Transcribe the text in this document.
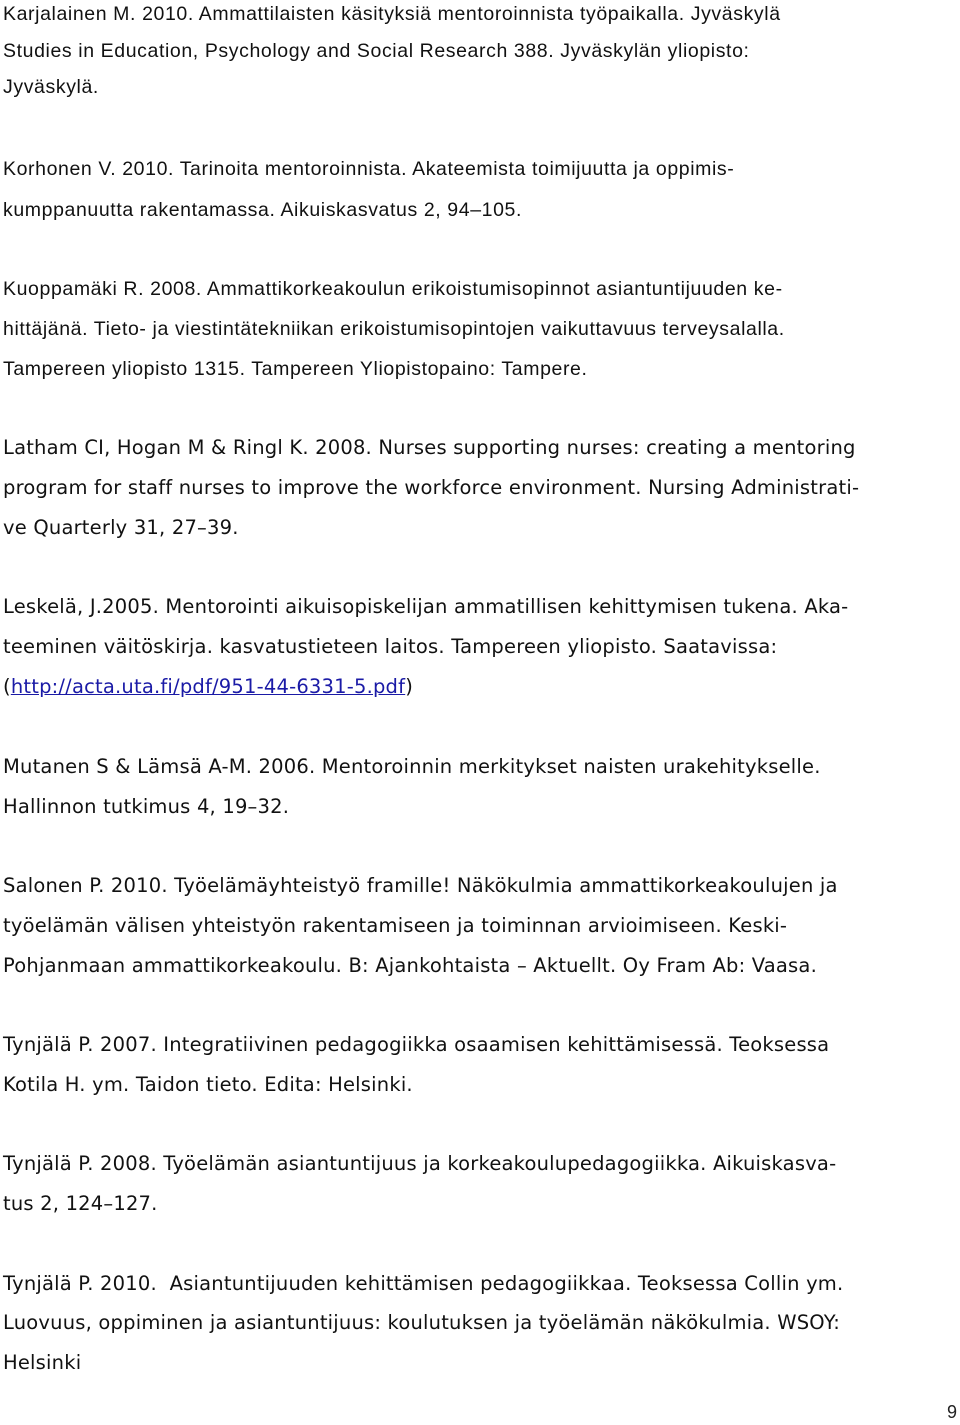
Karjalainen M. 2010. Ammattilaisten käsityksiä mentoroinnista työpaikalla. Jyväskylä
Studies in Education, Psychology and Social Research 388. Jyväskylän yliopisto:
Jyväskylä.
Korhonen V. 2010. Tarinoita mentoroinnista. Akateemista toimijuutta ja oppimis-
kumppanuutta rakentamassa. Aikuiskasvatus 2, 94–105.
Kuoppamäki R. 2008. Ammattikorkeakoulun erikoistumisopinnot asiantuntijuuden ke-
hittäjänä. Tieto- ja viestintätekniikan erikoistumisopintojen vaikuttavuus terveysalalla.
Tampereen yliopisto 1315. Tampereen Yliopistopaino: Tampere.
Latham CI, Hogan M & Ringl K. 2008. Nurses supporting nurses: creating a mentoring
program for staff nurses to improve the workforce environment. Nursing Administrati-
ve Quarterly 31, 27–39.
Leskelä, J.2005. Mentorointi aikuisopiskelijan ammatillisen kehittymisen tukena. Aka-
teeminen väitöskirja. kasvatustieteen laitos. Tampereen yliopisto. Saatavissa:
(http://acta.uta.fi/pdf/951-44-6331-5.pdf)
Mutanen S & Lämsä A-M. 2006. Mentoroinnin merkitykset naisten urakehitykselle.
Hallinnon tutkimus 4, 19–32.
Salonen P. 2010. Työelämäyhteistyö framille! Näkökulmia ammattikorkeakoulujen ja
työelämän välisen yhteistyön rakentamiseen ja toiminnan arvioimiseen. Keski-
Pohjanmaan ammattikorkeakoulu. B: Ajankohtaista – Aktuellt. Oy Fram Ab: Vaasa.
Tynjälä P. 2007. Integratiivinen pedagogiikka osaamisen kehittämisessä. Teoksessa
Kotila H. ym. Taidon tieto. Edita: Helsinki.
Tynjälä P. 2008. Työelämän asiantuntijuus ja korkeakoulupedagogiikka. Aikuiskasva-
tus 2, 124–127.
Tynjälä P. 2010.  Asiantuntijuuden kehittämisen pedagogiikkaa. Teoksessa Collin ym.
Luovuus, oppiminen ja asiantuntijuus: koulutuksen ja työelämän näkökulmia. WSOY:
Helsinki
9
